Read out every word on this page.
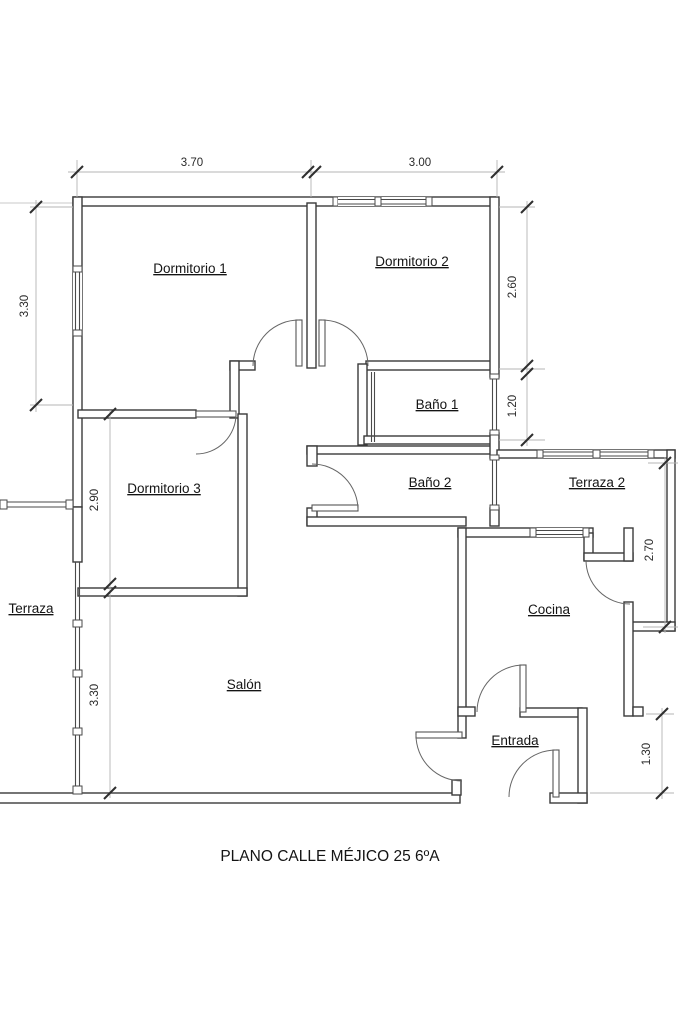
3.70	3.00
3.30
2.90
3.30
2.60
1.20
2.70
1.30
Dormitorio 1	Dormitorio 2
Baño 1
Baño 2
Dormitorio 3	Terraza 2
Terraza	Cocina
Salón
Entrada
PLANO CALLE MÉJICO 25 6ºA
